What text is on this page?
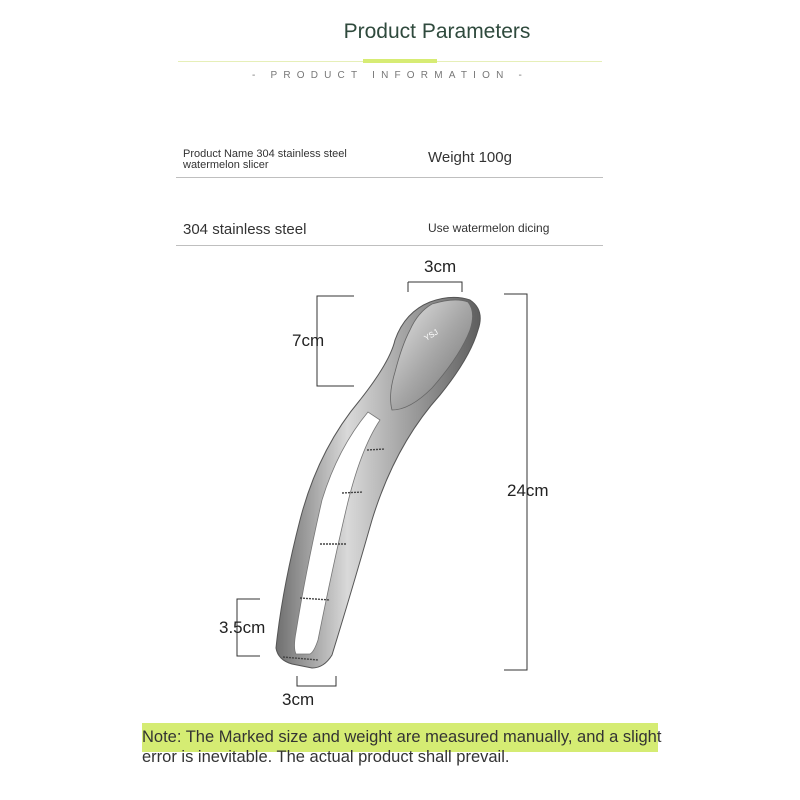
Product Parameters
- PRODUCT INFORMATION -
Product Name 304 stainless steel watermelon slicer	Weight 100g
304 stainless steel	Use watermelon dicing
YSJ
3cm
7cm
24cm
3.5cm
3cm
Note: The Marked size and weight are measured manually, and a slight error is inevitable. The actual product shall prevail.
